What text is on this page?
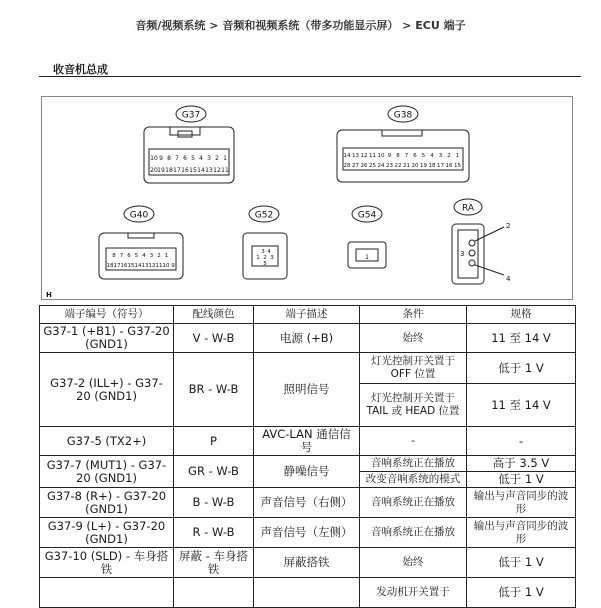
音频/视频系统 > 音频和视频系统（带多功能显示屏） > ECU 端子
收音机总成
G37	G38
G40	G52	G54
RA
10 9 8 7 6 5 4 3 2 1
20 19 18 17 16 15 14 13 12 11
14 13 12 11 10 9 8 7 6 5 4 3 2 1
28 27 26 25 24 23 22 21 20 19 18 17 16 15
8 7 6 5 4 3 2 1
18 17 16 15 14 13 12 11 10 9
3 4
1 2 3
5
1	3
2
4
H
端子编号（符号）	配线颜色	端子描述	条件	规格
G37-1 (+B1) - G37-20 (GND1)	V - W-B	电源 (+B)	始终	11 至 14 V
G37-2 (ILL+) - G37-20 (GND1)	BR - W-B	照明信号	灯光控制开关置于 OFF 位置	低于 1 V
			灯光控制开关置于 TAIL 或 HEAD 位置	11 至 14 V
G37-5 (TX2+)	P	AVC-LAN 通信信号	-	-
G37-7 (MUT1) - G37-20 (GND1)	GR - W-B	静噪信号	音响系统正在播放	高于 3.5 V
			改变音响系统的模式	低于 1 V
G37-8 (R+) - G37-20 (GND1)	B - W-B	声音信号（右侧）	音响系统正在播放	输出与声音同步的波形
G37-9 (L+) - G37-20 (GND1)	R - W-B	声音信号（左侧）	音响系统正在播放	输出与声音同步的波形
G37-10 (SLD) - 车身搭铁	屏蔽 - 车身搭铁	屏蔽搭铁	始终	低于 1 V
			发动机开关置于	低于 1 V
